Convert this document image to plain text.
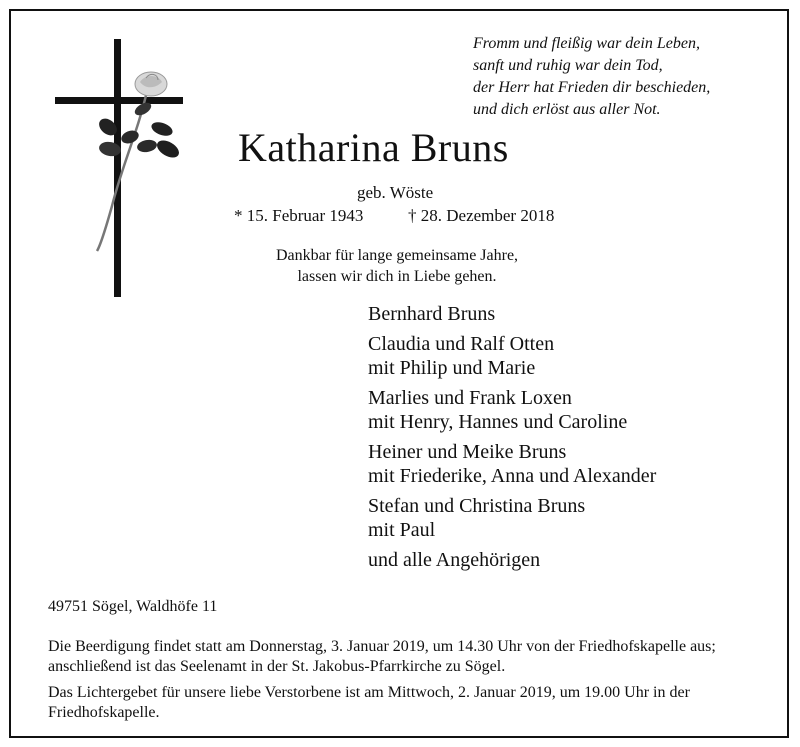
Fromm und fleißig war dein Leben,
sanft und ruhig war dein Tod,
der Herr hat Frieden dir beschieden,
und dich erlöst aus aller Not.
Katharina Bruns
geb. Wöste
* 15. Februar 1943	† 28. Dezember 2018
Dankbar für lange gemeinsame Jahre,
lassen wir dich in Liebe gehen.
Bernhard Bruns
Claudia und Ralf Otten
mit Philip und Marie
Marlies und Frank Loxen
mit Henry, Hannes und Caroline
Heiner und Meike Bruns
mit Friederike, Anna und Alexander
Stefan und Christina Bruns
mit Paul
und alle Angehörigen
49751 Sögel, Waldhöfe 11

Die Beerdigung findet statt am Donnerstag, 3. Januar 2019, um 14.30 Uhr von der Friedhofskapelle aus; anschließend ist das Seelenamt in der St. Jakobus-Pfarrkirche zu Sögel.

Das Lichtergebet für unsere liebe Verstorbene ist am Mittwoch, 2. Januar 2019, um 19.00 Uhr in der Friedhofskapelle.
